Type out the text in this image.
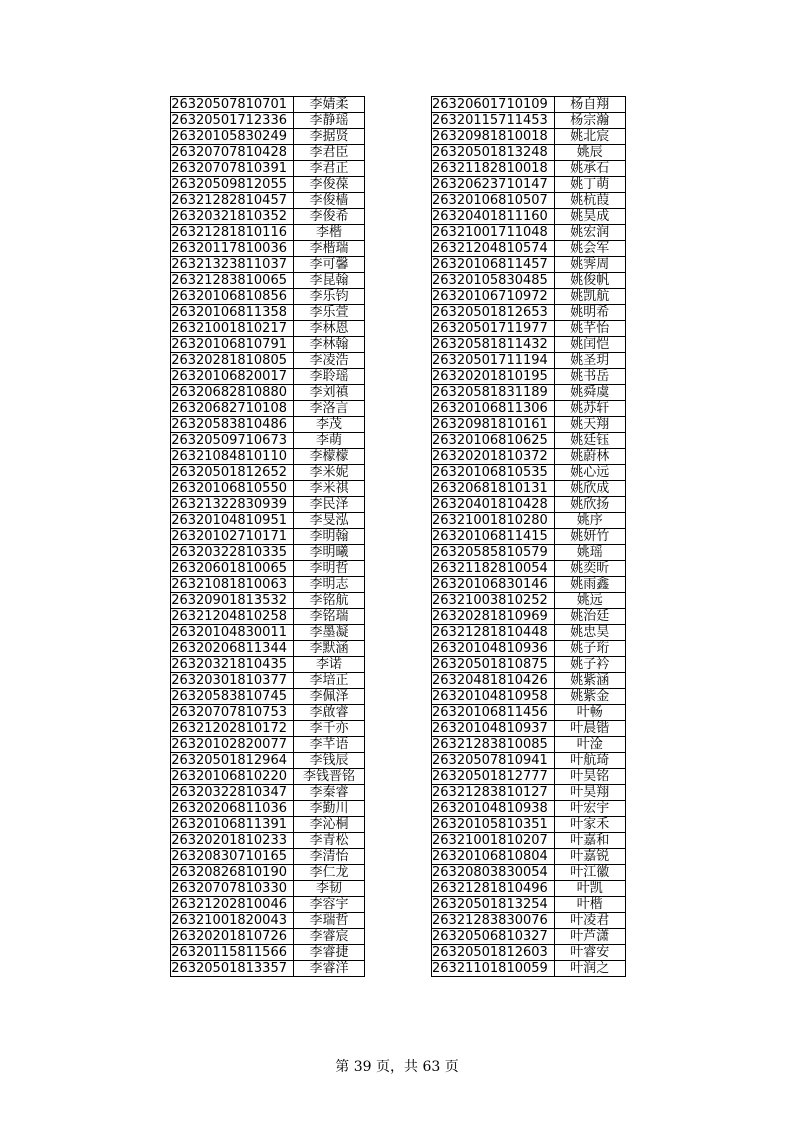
26320507810701	李婧柔
26320501712336	李静瑶
26320105830249	李据贤
26320707810428	李君臣
26320707810391	李君正
26320509812055	李俊葆
26321282810457	李俊樯
26320321810352	李俊希
26321281810116	李楷
26320117810036	李楷瑞
26321323811037	李可馨
26321283810065	李昆翰
26320106810856	李乐钧
26320106811358	李乐萱
26321001810217	李林恩
26320106810791	李林翰
26320281810805	李凌浩
26320106820017	李聆瑶
26320682810880	李刘禛
26320682710108	李洛言
26320583810486	李茂
26320509710673	李萌
26321084810110	李檬檬
26320501812652	李米妮
26320106810550	李米祺
26321322830939	李民泽
26320104810951	李旻泓
26320102710171	李明翰
26320322810335	李明曦
26320601810065	李明哲
26321081810063	李明志
26320901813532	李铭航
26321204810258	李铭瑞
26320104830011	李墨凝
26320206811344	李默涵
26320321810435	李诺
26320301810377	李培正
26320583810745	李佩泽
26320707810753	李啟睿
26321202810172	李千亦
26320102820077	李芊语
26320501812964	李钱辰
26320106810220	李钱晋铭
26320322810347	李秦睿
26320206811036	李勤川
26320106811391	李沁桐
26320201810233	李青松
26320830710165	李清怡
26320826810190	李仁龙
26320707810330	李韧
26321202810046	李容宇
26321001820043	李瑞哲
26320201810726	李睿宸
26320115811566	李睿捷
26320501813357	李睿洋
26320601710109	杨自翔
26320115711453	杨宗瀚
26320981810018	姚北宸
26320501813248	姚辰
26321182810018	姚承石
26320623710147	姚丁萌
26320106810507	姚杭葭
26320401811160	姚昊成
26321001711048	姚宏润
26321204810574	姚会军
26320106811457	姚霁周
26320105830485	姚俊帆
26320106710972	姚凯航
26320501812653	姚明希
26320501711977	姚芊怡
26320581811432	姚闰恺
26320501711194	姚圣玥
26320201810195	姚书岳
26320581831189	姚舜虞
26320106811306	姚苏轩
26320981810161	姚天翔
26320106810625	姚廷钰
26320201810372	姚蔚林
26320106810535	姚心远
26320681810131	姚欣成
26320401810428	姚欣扬
26321001810280	姚序
26320106811415	姚妍竹
26320585810579	姚瑶
26321182810054	姚奕昕
26320106830146	姚雨鑫
26321003810252	姚远
26320281810969	姚治廷
26321281810448	姚忠昊
26320104810936	姚子珩
26320501810875	姚子衿
26320481810426	姚紫涵
26320104810958	姚紫金
26320106811456	叶畅
26320104810937	叶晨锴
26321283810085	叶淦
26320507810941	叶航琦
26320501812777	叶昊铭
26321283810127	叶昊翔
26320104810938	叶宏宇
26320105810351	叶家禾
26321001810207	叶嘉和
26320106810804	叶嘉锐
26320803830054	叶江徽
26321281810496	叶凯
26320501813254	叶楷
26321283830076	叶凌君
26320506810327	叶芦潇
26320501812603	叶睿安
26321101810059	叶润之
第 39 页，共 63 页
